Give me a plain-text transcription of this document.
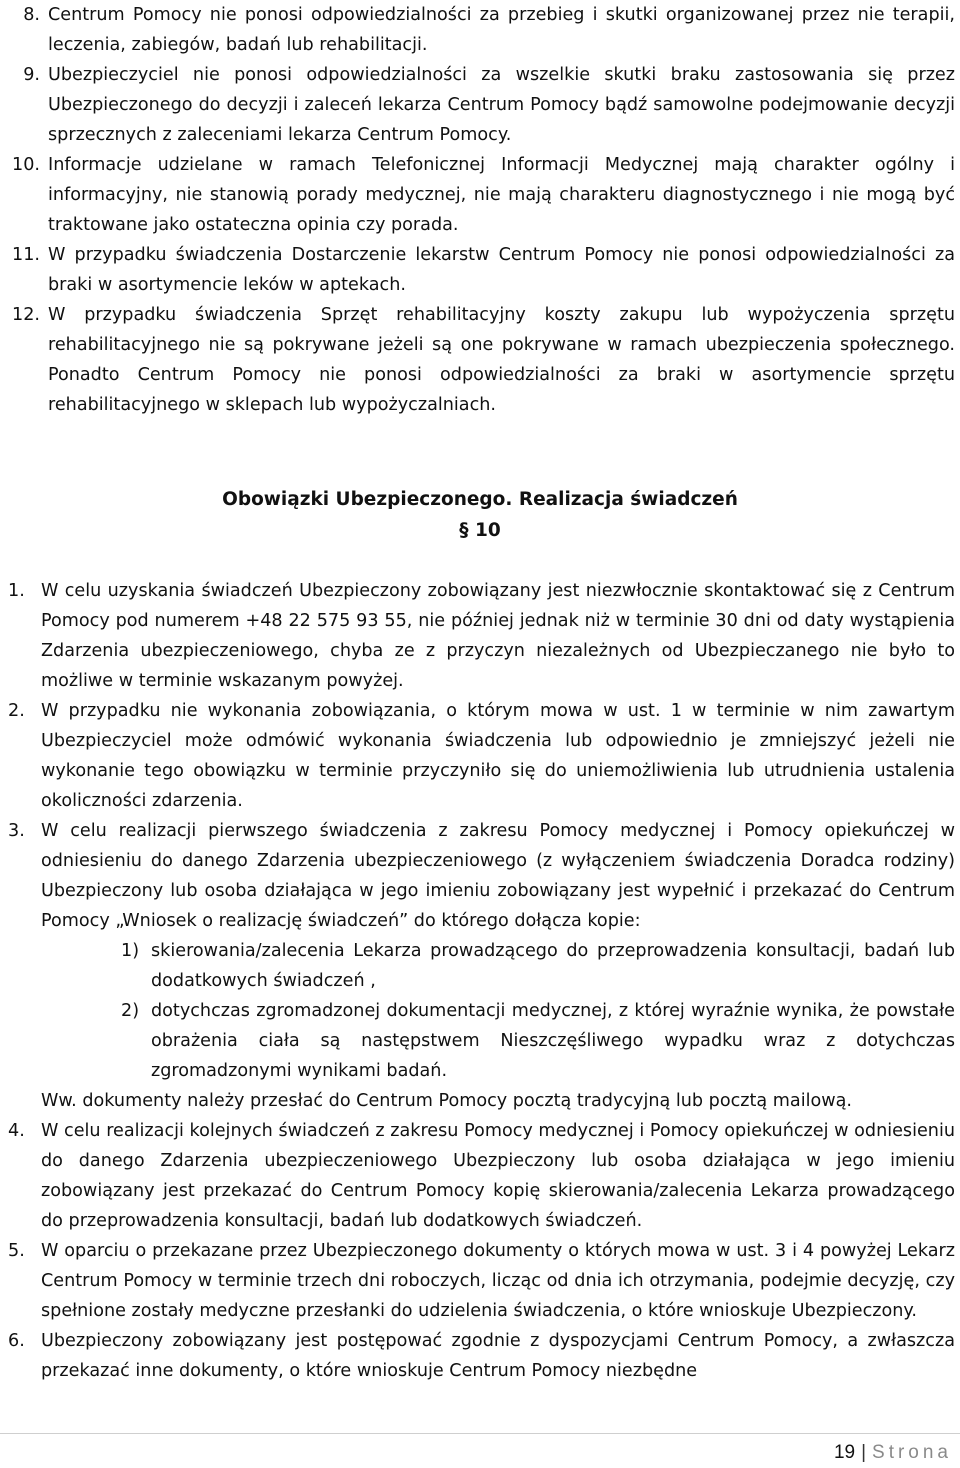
8. Centrum Pomocy nie ponosi odpowiedzialności za przebieg i skutki organizowanej przez nie terapii, leczenia, zabiegów, badań lub rehabilitacji.
9. Ubezpieczyciel nie ponosi odpowiedzialności za wszelkie skutki braku zastosowania się przez Ubezpieczonego do decyzji i zaleceń lekarza Centrum Pomocy bądź samowolne podejmowanie decyzji sprzecznych z zaleceniami lekarza Centrum Pomocy.
10. Informacje udzielane w ramach Telefonicznej Informacji Medycznej mają charakter ogólny i informacyjny, nie stanowią porady medycznej, nie mają charakteru diagnostycznego i nie mogą być traktowane jako ostateczna opinia czy porada.
11. W przypadku świadczenia Dostarczenie lekarstw Centrum Pomocy nie ponosi odpowiedzialności za braki w asortymencie leków w aptekach.
12. W przypadku świadczenia Sprzęt rehabilitacyjny koszty zakupu lub wypożyczenia sprzętu rehabilitacyjnego nie są pokrywane jeżeli są one pokrywane w ramach ubezpieczenia społecznego. Ponadto Centrum Pomocy nie ponosi odpowiedzialności za braki w asortymencie sprzętu rehabilitacyjnego w sklepach lub wypożyczalniach.
Obowiązki Ubezpieczonego. Realizacja świadczeń
§ 10
1. W celu uzyskania świadczeń Ubezpieczony zobowiązany jest niezwłocznie skontaktować się z Centrum Pomocy pod numerem +48 22 575 93 55, nie później jednak niż w terminie 30 dni od daty wystąpienia Zdarzenia ubezpieczeniowego, chyba ze z przyczyn niezależnych od Ubezpieczanego nie było to możliwe w terminie wskazanym powyżej.
2. W przypadku nie wykonania zobowiązania, o którym mowa w ust. 1 w terminie w nim zawartym Ubezpieczyciel może odmówić wykonania świadczenia lub odpowiednio je zmniejszyć jeżeli nie wykonanie tego obowiązku w terminie przyczyniło się do uniemożliwienia lub utrudnienia ustalenia okoliczności zdarzenia.
3. W celu realizacji pierwszego świadczenia z zakresu Pomocy medycznej i Pomocy opiekuńczej w odniesieniu do danego Zdarzenia ubezpieczeniowego (z wyłączeniem świadczenia Doradca rodziny) Ubezpieczony lub osoba działająca w jego imieniu zobowiązany jest wypełnić i przekazać do Centrum Pomocy „Wniosek o realizację świadczeń” do którego dołącza kopie:
1) skierowania/zalecenia Lekarza prowadzącego do przeprowadzenia konsultacji, badań lub dodatkowych świadczeń ,
2) dotychczas zgromadzonej dokumentacji medycznej, z której wyraźnie wynika, że powstałe obrażenia ciała są następstwem Nieszczęśliwego wypadku wraz z dotychczas zgromadzonymi wynikami badań.
Ww. dokumenty należy przesłać do Centrum Pomocy pocztą tradycyjną lub pocztą mailową.
4. W celu realizacji kolejnych świadczeń z zakresu Pomocy medycznej i Pomocy opiekuńczej w odniesieniu do danego Zdarzenia ubezpieczeniowego Ubezpieczony lub osoba działająca w jego imieniu zobowiązany jest przekazać do Centrum Pomocy kopię skierowania/zalecenia Lekarza prowadzącego do przeprowadzenia konsultacji, badań lub dodatkowych świadczeń.
5. W oparciu o przekazane przez Ubezpieczonego dokumenty o których mowa w ust. 3 i 4 powyżej Lekarz Centrum Pomocy w terminie trzech dni roboczych, licząc od dnia ich otrzymania, podejmie decyzję, czy spełnione zostały medyczne przesłanki do udzielenia świadczenia, o które wnioskuje Ubezpieczony.
6. Ubezpieczony zobowiązany jest postępować zgodnie z dyspozycjami Centrum Pomocy, a zwłaszcza przekazać inne dokumenty, o które wnioskuje Centrum Pomocy niezbędne
19 | Strona
